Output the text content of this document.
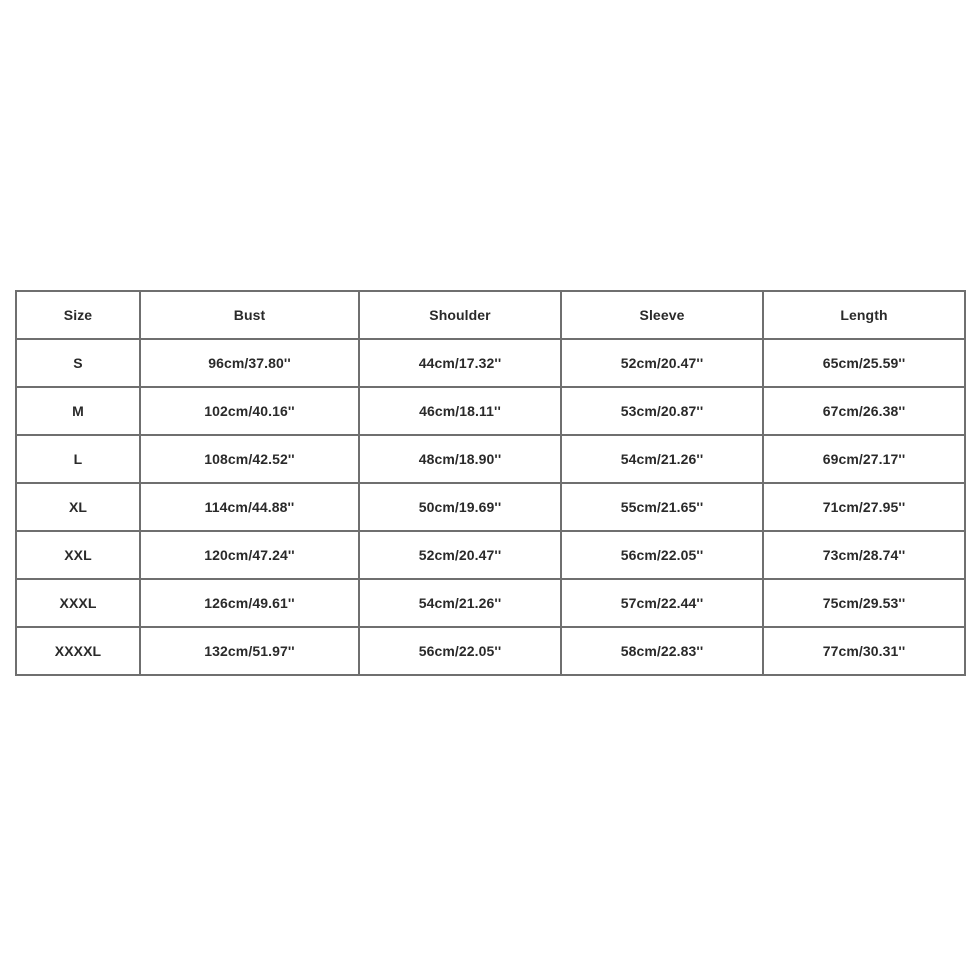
Size	Bust	Shoulder	Sleeve	Length
S	96cm/37.80''	44cm/17.32''	52cm/20.47''	65cm/25.59''
M	102cm/40.16''	46cm/18.11''	53cm/20.87''	67cm/26.38''
L	108cm/42.52''	48cm/18.90''	54cm/21.26''	69cm/27.17''
XL	114cm/44.88''	50cm/19.69''	55cm/21.65''	71cm/27.95''
XXL	120cm/47.24''	52cm/20.47''	56cm/22.05''	73cm/28.74''
XXXL	126cm/49.61''	54cm/21.26''	57cm/22.44''	75cm/29.53''
XXXXL	132cm/51.97''	56cm/22.05''	58cm/22.83''	77cm/30.31''
